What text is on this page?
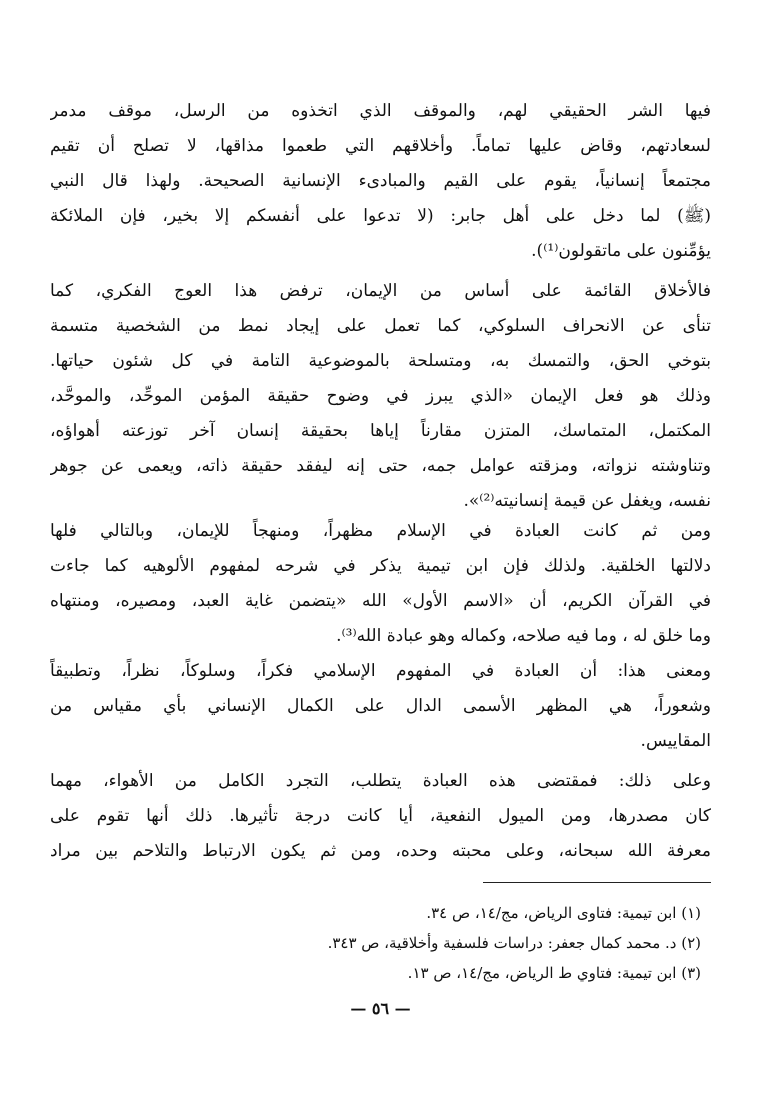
فيها الشر الحقيقي لهم، والموقف الذي اتخذوه من الرسل، موقف مدمر
لسعادتهم، وقاض عليها تماماً. وأخلاقهم التي طعموا مذاقها، لا تصلح أن تقيم
مجتمعاً إنسانياً، يقوم على القيم والمبادىء الإنسانية الصحيحة. ولهذا قال النبي
(ﷺ) لما دخل على أهل جابر: (لا تدعوا على أنفسكم إلا بخير، فإن الملائكة
يؤمِّنون على ماتقولون⁽¹⁾).

فالأخلاق القائمة على أساس من الإيمان، ترفض هذا العوج الفكري، كما
تنأى عن الانحراف السلوكي، كما تعمل على إيجاد نمط من الشخصية متسمة
بتوخي الحق، والتمسك به، ومتسلحة بالموضوعية التامة في كل شئون حياتها.
وذلك هو فعل الإيمان «الذي يبرز في وضوح حقيقة المؤمن الموحِّد، والموحَّد،
المكتمل، المتماسك، المتزن مقارناً إياها بحقيقة إنسان آخر توزعته أهواؤه،
وتناوشته نزواته، ومزقته عوامل جمه، حتى إنه ليفقد حقيقة ذاته، ويعمى عن جوهر
نفسه، ويغفل عن قيمة إنسانيته⁽²⁾».

ومن ثم كانت العبادة في الإسلام مظهراً، ومنهجاً للإيمان، وبالتالي فلها
دلالتها الخلقية. ولذلك فإن ابن تيمية يذكر في شرحه لمفهوم الألوهيه كما جاءت
في القرآن الكريم، أن «الاسم الأول» الله «يتضمن غاية العبد، ومصيره، ومنتهاه
وما خلق له ، وما فيه صلاحه، وكماله وهو عبادة الله⁽³⁾.

ومعنى هذا: أن العبادة في المفهوم الإسلامي فكراً، وسلوكاً، نظراً، وتطبيقاً
وشعوراً، هي المظهر الأسمى الدال على الكمال الإنساني بأي مقياس من
المقاييس.

وعلى ذلك: فمقتضى هذه العبادة يتطلب، التجرد الكامل من الأهواء، مهما
كان مصدرها، ومن الميول النفعية، أيا كانت درجة تأثيرها. ذلك أنها تقوم على
معرفة الله سبحانه، وعلى محبته وحده، ومن ثم يكون الارتباط والتلاحم بين مراد

(١) ابن تيمية: فتاوى الرياض، مج/١٤، ص ٣٤.
(٢) د. محمد كمال جعفر: دراسات فلسفية وأخلاقية، ص ٣٤٣.
(٣) ابن تيمية: فتاوي ط الرياض، مج/١٤، ص ١٣.
— ٥٦ —
